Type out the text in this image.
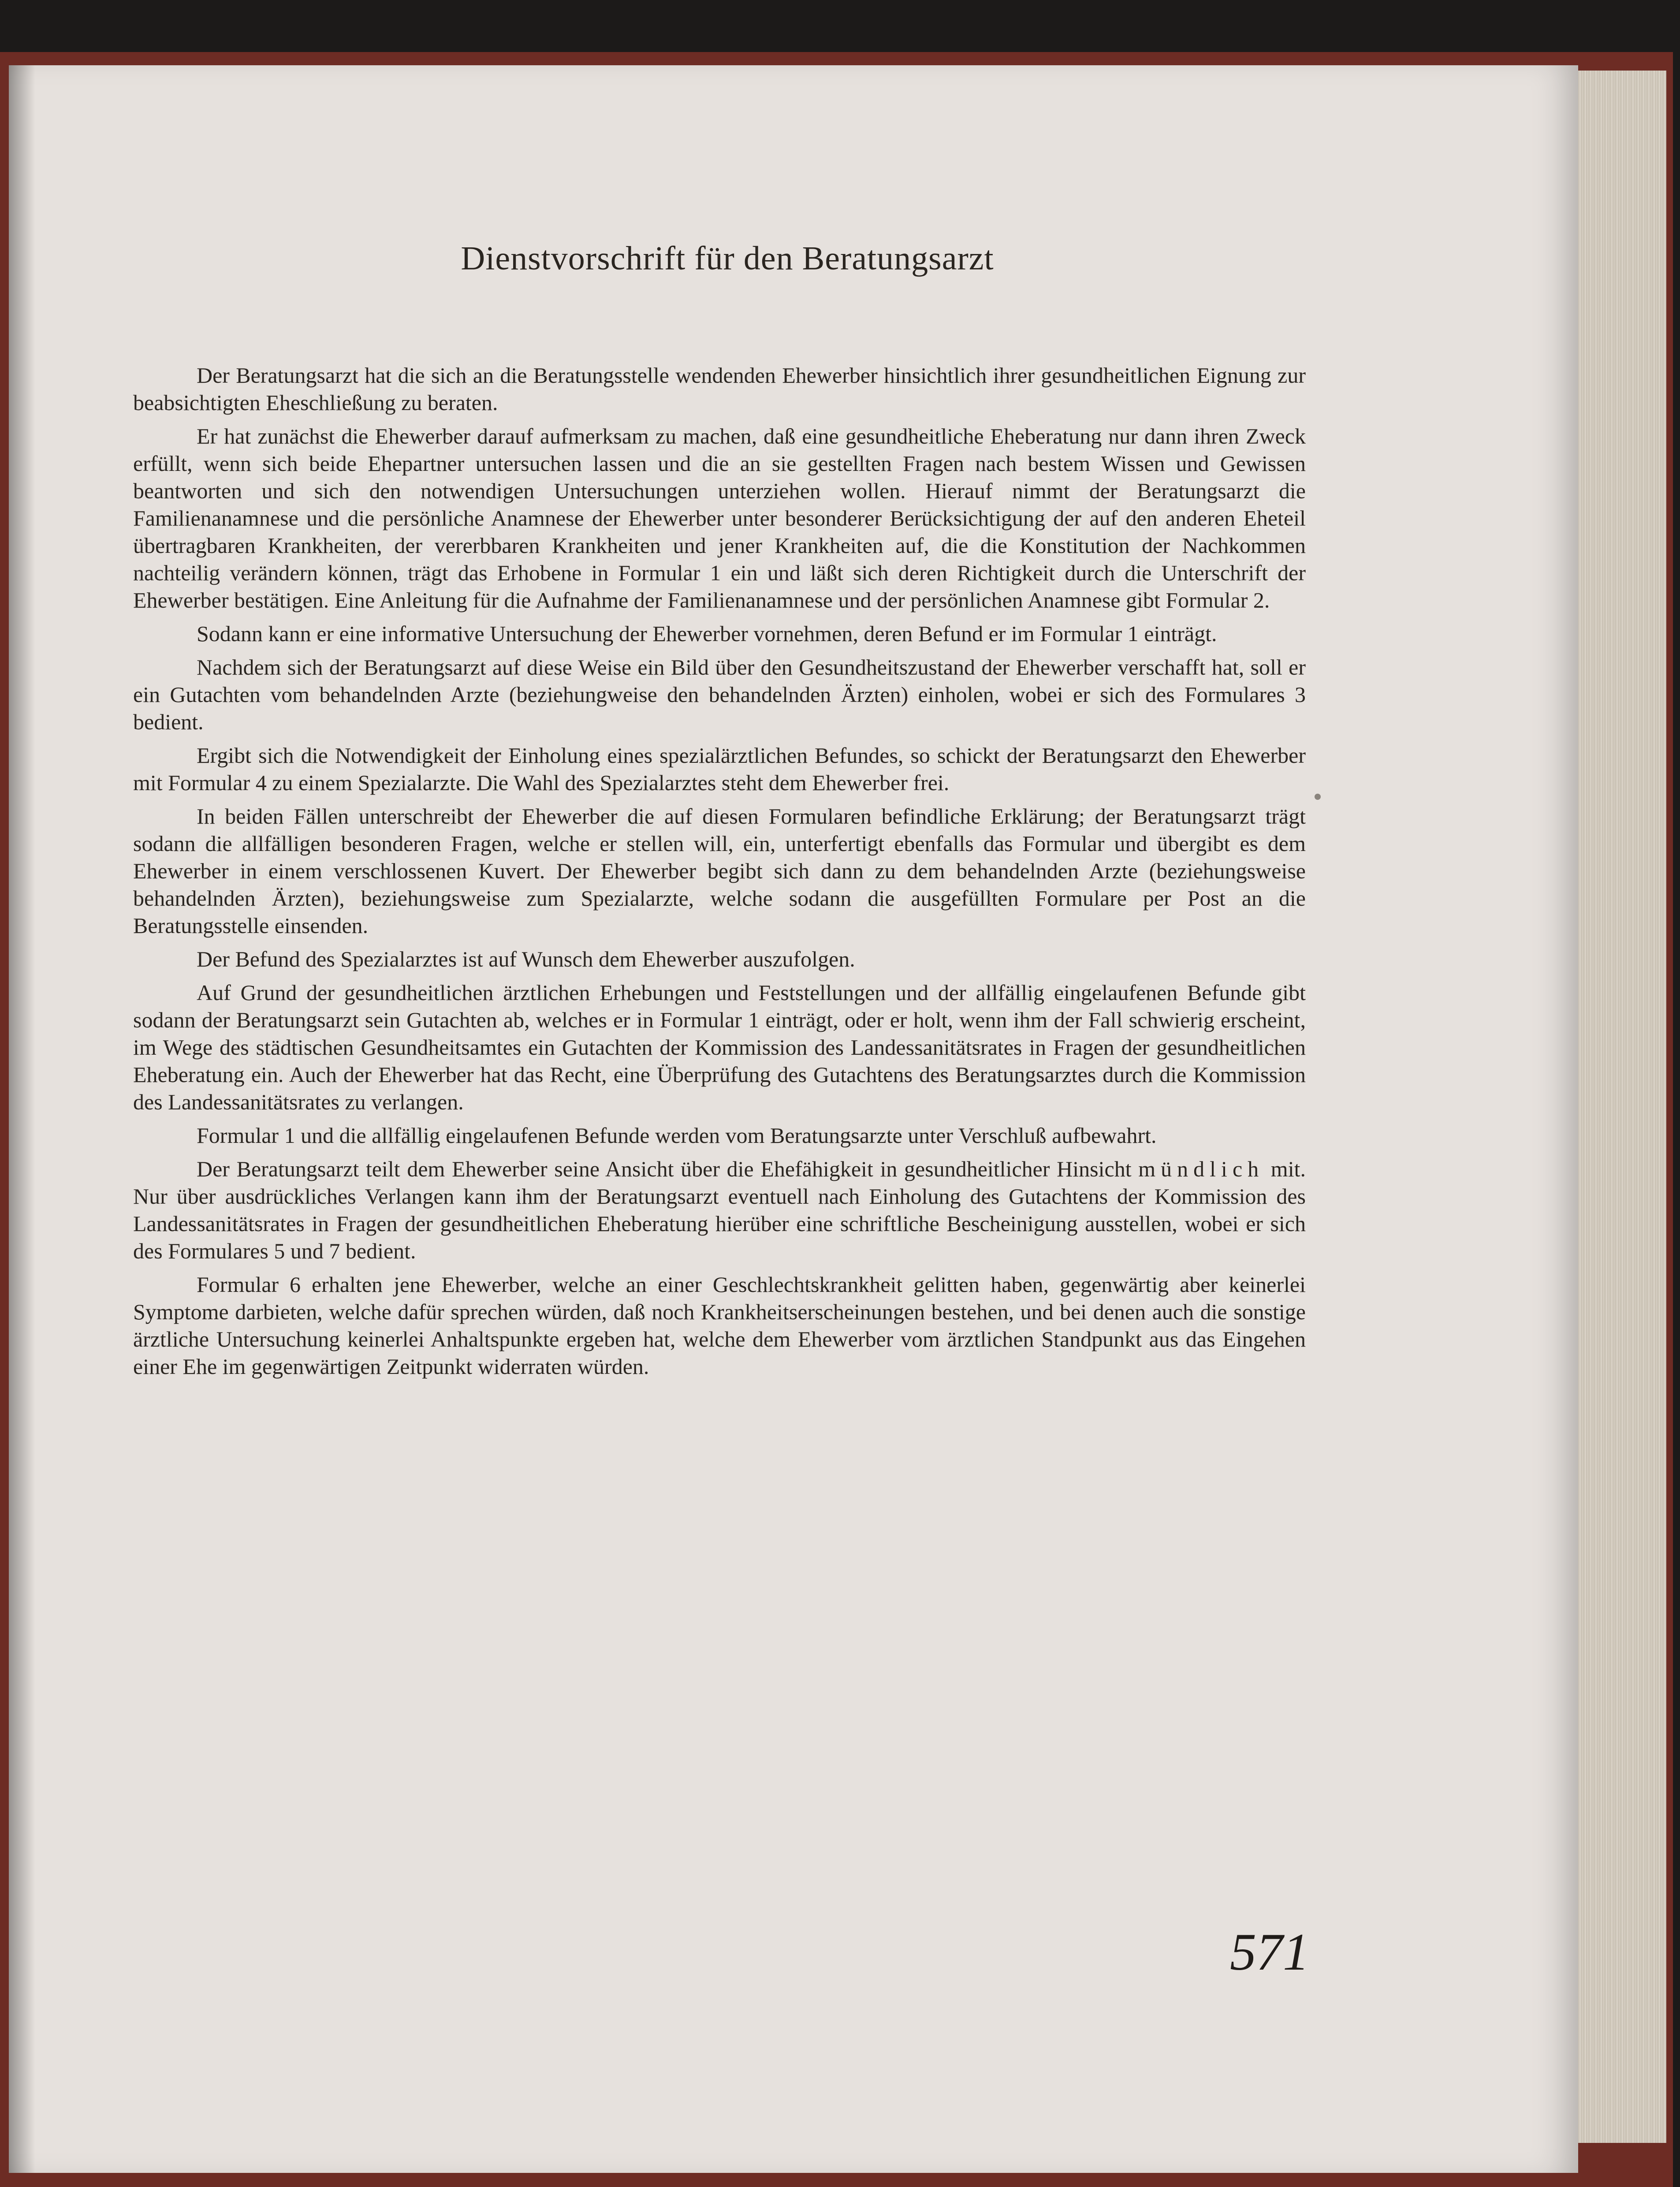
Dienstvorschrift für den Beratungsarzt

Der Beratungsarzt hat die sich an die Beratungsstelle wendenden Ehewerber hinsichtlich ihrer gesundheitlichen Eignung zur beabsichtigten Eheschließung zu beraten.

Er hat zunächst die Ehewerber darauf aufmerksam zu machen, daß eine gesundheitliche Eheberatung nur dann ihren Zweck erfüllt, wenn sich beide Ehepartner untersuchen lassen und die an sie gestellten Fragen nach bestem Wissen und Gewissen beantworten und sich den notwendigen Untersuchungen unterziehen wollen. Hierauf nimmt der Beratungsarzt die Familienanamnese und die persönliche Anamnese der Ehewerber unter besonderer Berücksichtigung der auf den anderen Eheteil übertragbaren Krankheiten, der vererbbaren Krankheiten und jener Krankheiten auf, die die Konstitution der Nachkommen nachteilig verändern können, trägt das Erhobene in Formular 1 ein und läßt sich deren Richtigkeit durch die Unterschrift der Ehewerber bestätigen. Eine Anleitung für die Aufnahme der Familienanamnese und der persönlichen Anamnese gibt Formular 2.

Sodann kann er eine informative Untersuchung der Ehewerber vornehmen, deren Befund er im Formular 1 einträgt.

Nachdem sich der Beratungsarzt auf diese Weise ein Bild über den Gesundheitszustand der Ehewerber verschafft hat, soll er ein Gutachten vom behandelnden Arzte (beziehungweise den behandelnden Ärzten) einholen, wobei er sich des Formulares 3 bedient.

Ergibt sich die Notwendigkeit der Einholung eines spezialärztlichen Befundes, so schickt der Beratungsarzt den Ehewerber mit Formular 4 zu einem Spezialarzte. Die Wahl des Spezialarztes steht dem Ehewerber frei.

In beiden Fällen unterschreibt der Ehewerber die auf diesen Formularen befindliche Erklärung; der Beratungsarzt trägt sodann die allfälligen besonderen Fragen, welche er stellen will, ein, unterfertigt ebenfalls das Formular und übergibt es dem Ehewerber in einem verschlossenen Kuvert. Der Ehewerber begibt sich dann zu dem behandelnden Arzte (beziehungsweise behandelnden Ärzten), beziehungsweise zum Spezialarzte, welche sodann die ausgefüllten Formulare per Post an die Beratungsstelle einsenden.

Der Befund des Spezialarztes ist auf Wunsch dem Ehewerber auszufolgen.

Auf Grund der gesundheitlichen ärztlichen Erhebungen und Feststellungen und der allfällig eingelaufenen Befunde gibt sodann der Beratungsarzt sein Gutachten ab, welches er in Formular 1 einträgt, oder er holt, wenn ihm der Fall schwierig erscheint, im Wege des städtischen Gesundheitsamtes ein Gutachten der Kommission des Landessanitätsrates in Fragen der gesundheitlichen Eheberatung ein. Auch der Ehewerber hat das Recht, eine Überprüfung des Gutachtens des Beratungsarztes durch die Kommission des Landessanitätsrates zu verlangen.

Formular 1 und die allfällig eingelaufenen Befunde werden vom Beratungsarzte unter Verschluß aufbewahrt.

Der Beratungsarzt teilt dem Ehewerber seine Ansicht über die Ehefähigkeit in gesundheitlicher Hinsicht mündlich mit. Nur über ausdrückliches Verlangen kann ihm der Beratungsarzt eventuell nach Einholung des Gutachtens der Kommission des Landessanitätsrates in Fragen der gesundheitlichen Eheberatung hierüber eine schriftliche Bescheinigung ausstellen, wobei er sich des Formulares 5 und 7 bedient.

Formular 6 erhalten jene Ehewerber, welche an einer Geschlechtskrankheit gelitten haben, gegenwärtig aber keinerlei Symptome darbieten, welche dafür sprechen würden, daß noch Krankheitserscheinungen bestehen, und bei denen auch die sonstige ärztliche Untersuchung keinerlei Anhaltspunkte ergeben hat, welche dem Ehewerber vom ärztlichen Standpunkt aus das Eingehen einer Ehe im gegenwärtigen Zeitpunkt widerraten würden.

571
